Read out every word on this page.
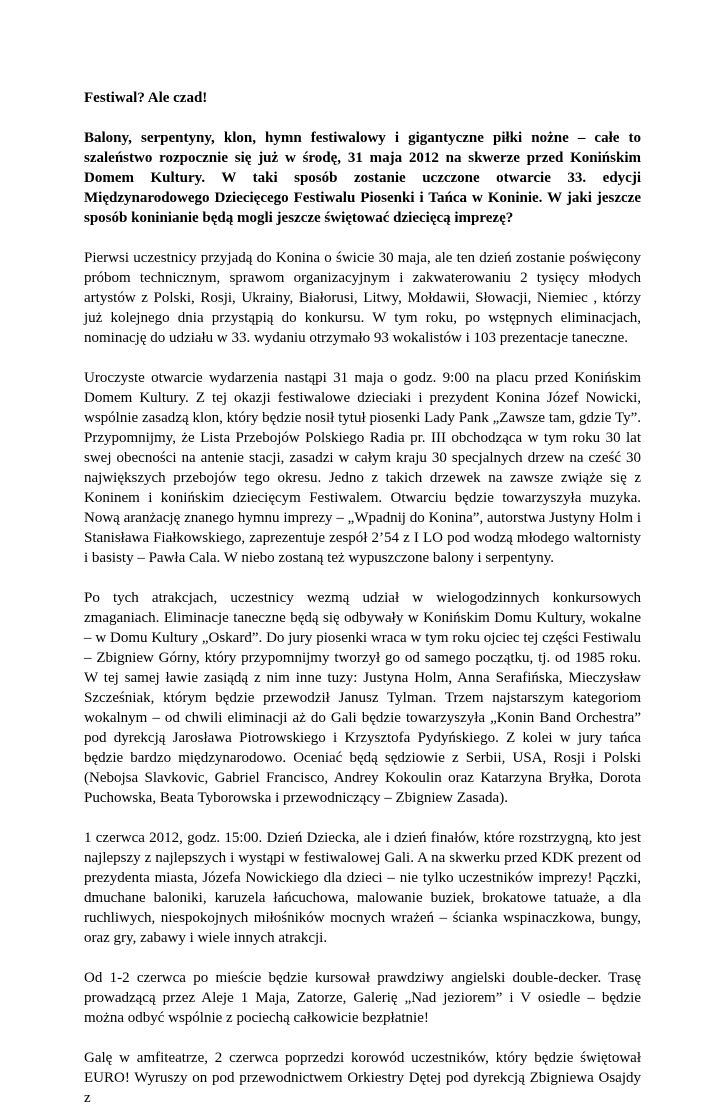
Festiwal? Ale czad!

Balony, serpentyny, klon, hymn festiwalowy i gigantyczne piłki nożne – całe to szaleństwo rozpocznie się już w środę, 31 maja 2012 na skwerze przed Konińskim Domem Kultury. W taki sposób zostanie uczczone otwarcie 33. edycji Międzynarodowego Dziecięcego Festiwalu Piosenki i Tańca w Koninie. W jaki jeszcze sposób koninianie będą mogli jeszcze świętować dziecięcą imprezę?

Pierwsi uczestnicy przyjadą do Konina o świcie 30 maja, ale ten dzień zostanie poświęcony próbom technicznym, sprawom organizacyjnym i zakwaterowaniu 2 tysięcy młodych artystów z Polski, Rosji, Ukrainy, Białorusi, Litwy, Mołdawii, Słowacji, Niemiec , którzy już kolejnego dnia przystąpią do konkursu. W tym roku, po wstępnych eliminacjach, nominację do udziału w 33. wydaniu otrzymało 93 wokalistów i 103 prezentacje taneczne.

Uroczyste otwarcie wydarzenia nastąpi 31 maja o godz. 9:00 na placu przed Konińskim Domem Kultury. Z tej okazji festiwalowe dzieciaki i prezydent Konina Józef Nowicki, wspólnie zasadzą klon, który będzie nosił tytuł piosenki Lady Pank „Zawsze tam, gdzie Ty”. Przypomnijmy, że Lista Przebojów Polskiego Radia pr. III obchodząca w tym roku 30 lat swej obecności na antenie stacji, zasadzi w całym kraju 30 specjalnych drzew na cześć 30 największych przebojów tego okresu. Jedno z takich drzewek na zawsze zwiąże się z Koninem i konińskim dziecięcym Festiwalem. Otwarciu będzie towarzyszyła muzyka. Nową aranżację znanego hymnu imprezy – „Wpadnij do Konina”, autorstwa Justyny Holm i Stanisława Fiałkowskiego, zaprezentuje zespół 2’54 z I LO pod wodzą młodego waltornisty i basisty – Pawła Cala. W niebo zostaną też wypuszczone balony i serpentyny.

Po tych atrakcjach, uczestnicy wezmą udział w wielogodzinnych konkursowych zmaganiach. Eliminacje taneczne będą się odbywały w Konińskim Domu Kultury, wokalne – w Domu Kultury „Oskard”. Do jury piosenki wraca w tym roku ojciec tej części Festiwalu – Zbigniew Górny, który przypomnijmy tworzył go od samego początku, tj. od 1985 roku. W tej samej ławie zasiądą z nim inne tuzy: Justyna Holm, Anna Serafińska, Mieczysław Szcześniak, którym będzie przewodził Janusz Tylman. Trzem najstarszym kategoriom wokalnym – od chwili eliminacji aż do Gali będzie towarzyszyła „Konin Band Orchestra” pod dyrekcją Jarosława Piotrowskiego i Krzysztofa Pydyńskiego. Z kolei w jury tańca będzie bardzo międzynarodowo. Oceniać będą sędziowie z Serbii, USA, Rosji i Polski (Nebojsa Slavkovic, Gabriel Francisco, Andrey Kokoulin oraz Katarzyna Bryłka, Dorota Puchowska, Beata Tyborowska i przewodniczący – Zbigniew Zasada).

1 czerwca 2012, godz. 15:00. Dzień Dziecka, ale i dzień finałów, które rozstrzygną, kto jest najlepszy z najlepszych i wystąpi w festiwalowej Gali. A na skwerku przed KDK prezent od prezydenta miasta, Józefa Nowickiego dla dzieci – nie tylko uczestników imprezy! Pączki, dmuchane baloniki, karuzela łańcuchowa, malowanie buziek, brokatowe tatuaże, a dla ruchliwych, niespokojnych miłośników mocnych wrażeń – ścianka wspinaczkowa, bungy, oraz gry, zabawy i wiele innych atrakcji.

Od 1-2 czerwca po mieście będzie kursował prawdziwy angielski double-decker. Trasę prowadzącą przez Aleje 1 Maja, Zatorze, Galerię „Nad jeziorem” i V osiedle – będzie można odbyć wspólnie z pociechą całkowicie bezpłatnie!

Galę w amfiteatrze, 2 czerwca poprzedzi korowód uczestników, który będzie świętował EURO! Wyruszy on pod przewodnictwem Orkiestry Dętej pod dyrekcją Zbigniewa Osajdy z
